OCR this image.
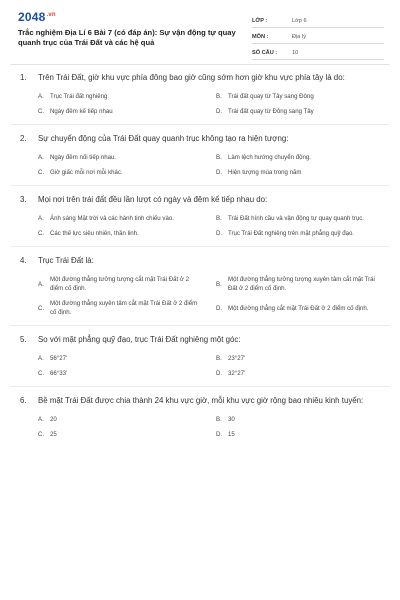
$2048^{.vn}$
Trắc nghiệm Địa Lí 6 Bài 7 (có đáp án): Sự vận động tự quay quanh trục của Trái Đất và các hệ quả
LỚP :	Lớp 6
MÔN :	Địa lý
SỐ CÂU :	10
1.	Trên Trái Đất, giờ khu vực phía đông bao giờ cũng sớm hơn giờ khu vực phía tây là do:
A.	Trục Trái đất nghiêng	B.	Trái đất quay từ Tây sang Đông
C. Ngày đêm kế tiếp nhau	D. Trái đất quay từ Đông sang Tây
2.	Sự chuyển động của Trái Đất quay quanh trục không tạo ra hiện tượng:
A.	Ngày đêm nối tiếp nhau.	B.	Làm lệch hướng chuyển động.
C. Giờ giấc mỗi nơi mỗi khác.	D. Hiện tượng mùa trong năm
3.	Mọi nơi trên trái đất đều lần lượt có ngày và đêm kế tiếp nhau do:
A.	Ánh sáng Mặt trời và các hành tinh chiếu vào.	B.	Trái Đất hình cầu và vận động tự quay quanh trục.
C. Các thế lực siêu nhiên, thần linh.	D. Trục Trái Đất nghiêng trên mặt phẳng quỹ đạo.
4.	Trục Trái Đất là:
A.
Một đường thẳng tưởng tượng cắt mặt Trái Đất ở 2 điểm cố định.
B.
Một đường thẳng tưởng tượng xuyên tâm cắt mặt Trái Đất ở 2 điểm cố định.
C.
Một đường thẳng xuyên tâm cắt mặt Trái Đất ở 2 điểm cố định.
D. Một đường thẳng cắt mặt Trái Đất ở 2 điểm cố định.
5.	So với mặt phẳng quỹ đạo, trục Trái Đất nghiêng một góc:
A.	56°27'	B.	23°27'
C. 66°33'	D. 32°27'
6.	Bề mặt Trái Đất được chia thành 24 khu vực giờ, mỗi khu vực giờ rộng bao nhiêu kinh tuyến:
A.	20	B.	30
C. 25	D. 15
